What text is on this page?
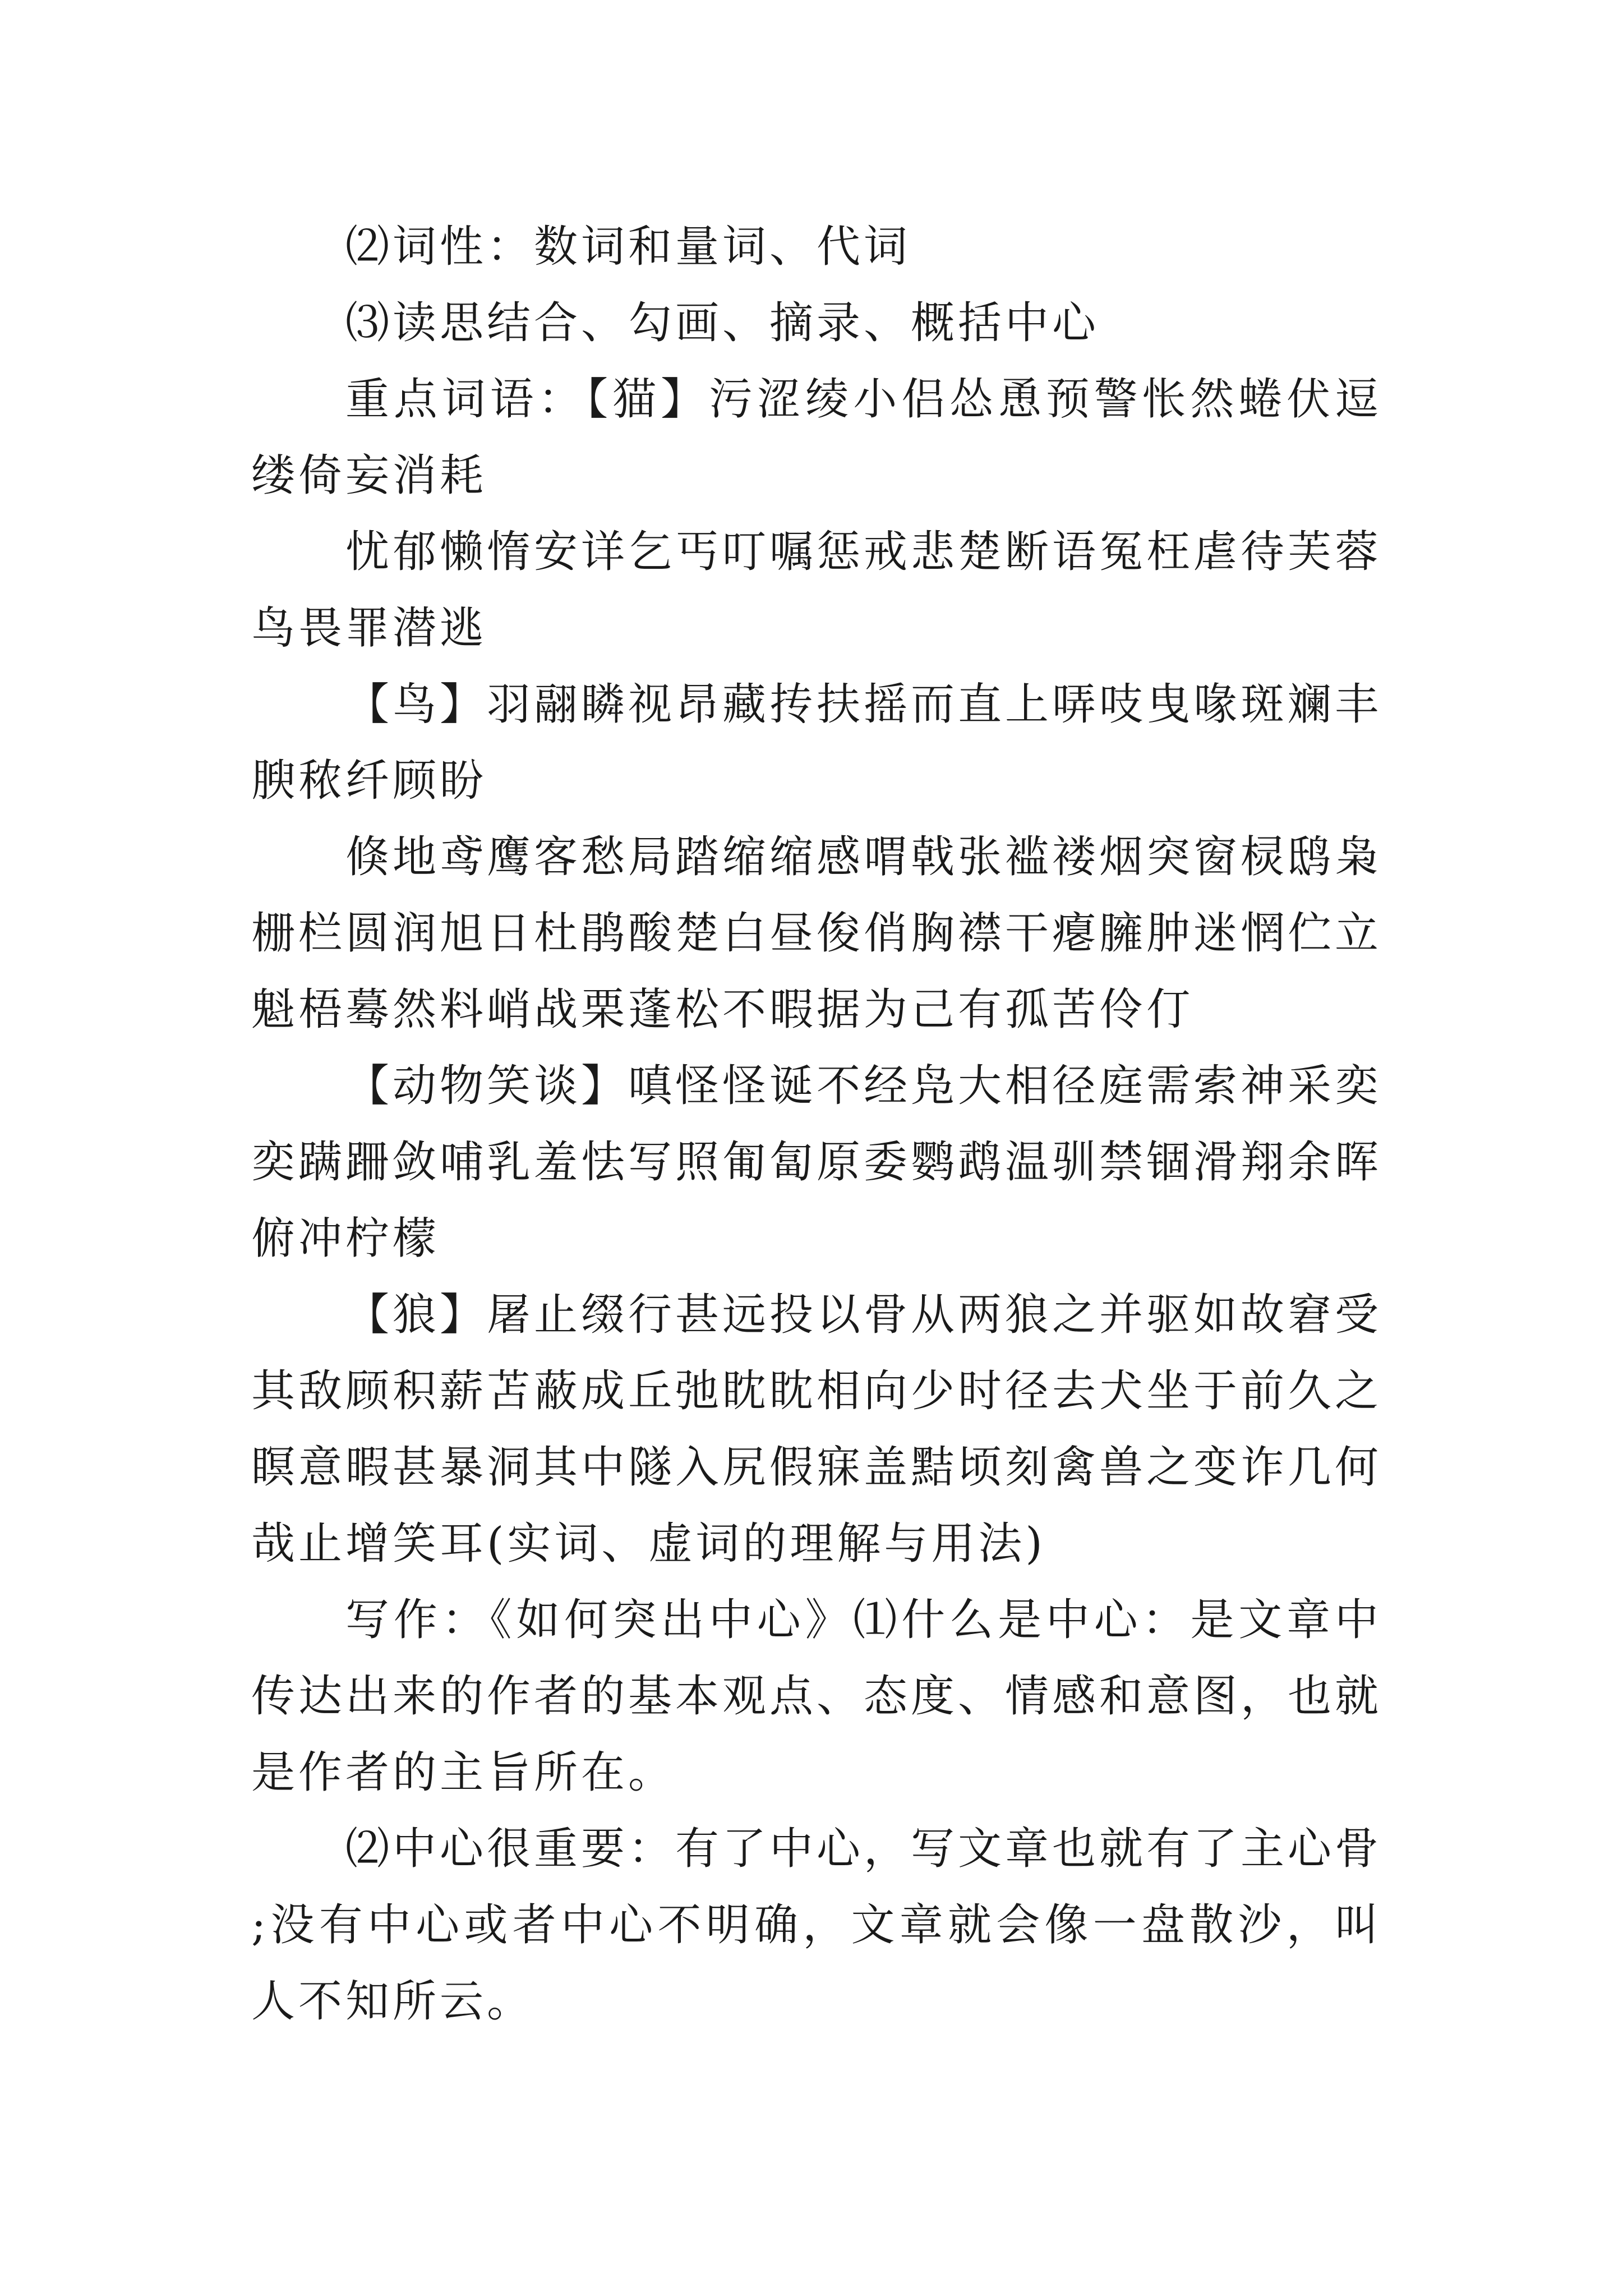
⑵词性：数词和量词、代词

⑶读思结合、勾画、摘录、概括中心

重点词语：【猫】污涩绫小侣怂恿预警怅然蜷伏逗缕倚妄消耗

忧郁懒惰安详乞丐叮嘱惩戒悲楚断语冤枉虐待芙蓉鸟畏罪潜逃

【鸟】羽翮瞵视昂藏抟扶摇而直上哢吱曳喙斑斓丰腴秾纤顾盼

倏地鸢鹰客愁局踏缩缩感喟戟张褴褛烟突窗棂鸱枭栅栏圆润旭日杜鹃酸楚白昼俊俏胸襟干瘪臃肿迷惘伫立魁梧蓦然料峭战栗蓬松不暇据为己有孤苦伶仃

【动物笑谈】嗔怪怪诞不经凫大相径庭需索神采奕奕蹒跚敛哺乳羞怯写照匍匐原委鹦鹉温驯禁锢滑翔余晖俯冲柠檬

【狼】屠止缀行甚远投以骨从两狼之并驱如故窘受其敌顾积薪苫蔽成丘弛眈眈相向少时径去犬坐于前久之瞑意暇甚暴洞其中隧入尻假寐盖黠顷刻禽兽之变诈几何哉止增笑耳(实词、虚词的理解与用法)

写作：《如何突出中心》⑴什么是中心：是文章中传达出来的作者的基本观点、态度、情感和意图，也就是作者的主旨所在。

⑵中心很重要：有了中心，写文章也就有了主心骨;没有中心或者中心不明确，文章就会像一盘散沙，叫人不知所云。
